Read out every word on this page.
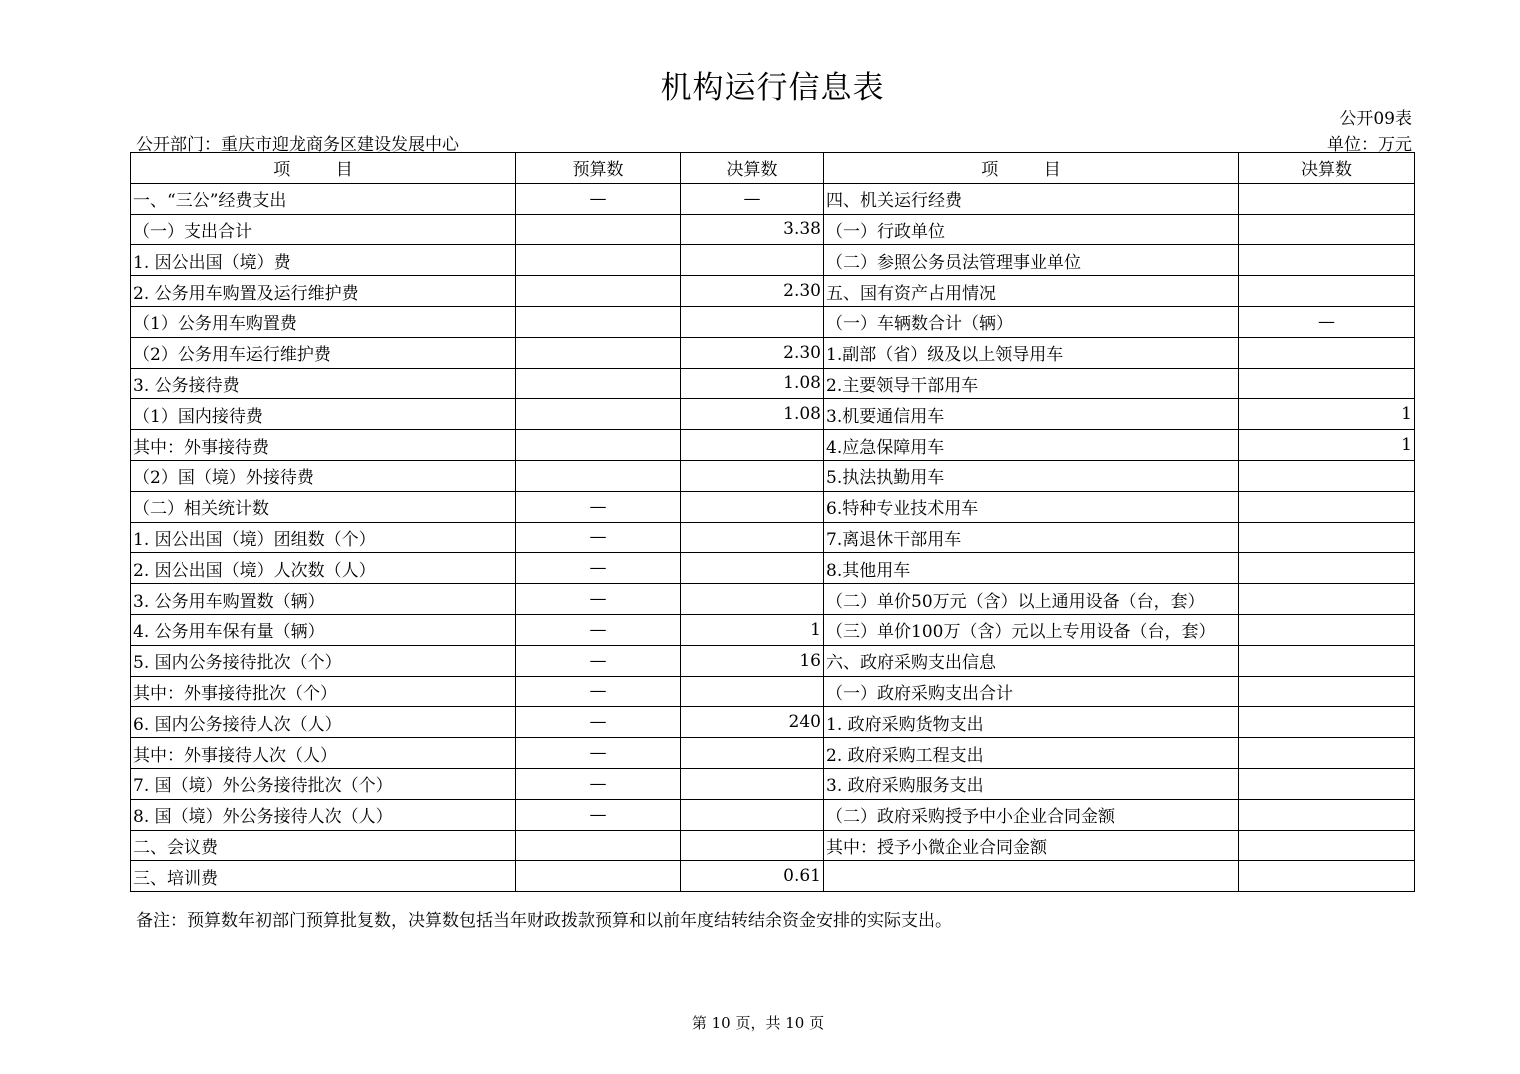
机构运行信息表
公开09表
公开部门：重庆市迎龙商务区建设发展中心	单位：万元
项 目	预算数	决算数	项 目	决算数
一、“三公”经费支出	—	—	四、机关运行经费	
（一）支出合计		3.38	（一）行政单位	
1. 因公出国（境）费			（二）参照公务员法管理事业单位	
2. 公务用车购置及运行维护费		2.30	五、国有资产占用情况	
（1）公务用车购置费			（一）车辆数合计（辆）	—
（2）公务用车运行维护费		2.30	1.副部（省）级及以上领导用车	
3. 公务接待费		1.08	2.主要领导干部用车	
（1）国内接待费		1.08	3.机要通信用车	1
其中：外事接待费			4.应急保障用车	1
（2）国（境）外接待费			5.执法执勤用车	
（二）相关统计数	—		6.特种专业技术用车	
1. 因公出国（境）团组数（个）	—		7.离退休干部用车	
2. 因公出国（境）人次数（人）	—		8.其他用车	
3. 公务用车购置数（辆）	—		（二）单价50万元（含）以上通用设备（台，套）	
4. 公务用车保有量（辆）	—	1	（三）单价100万（含）元以上专用设备（台，套）	
5. 国内公务接待批次（个）	—	16	六、政府采购支出信息	
其中：外事接待批次（个）	—		（一）政府采购支出合计	
6. 国内公务接待人次（人）	—	240	1. 政府采购货物支出	
其中：外事接待人次（人）	—		2. 政府采购工程支出	
7. 国（境）外公务接待批次（个）	—		3. 政府采购服务支出	
8. 国（境）外公务接待人次（人）	—		（二）政府采购授予中小企业合同金额	
二、会议费			其中：授予小微企业合同金额	
三、培训费		0.61		
备注：预算数年初部门预算批复数，决算数包括当年财政拨款预算和以前年度结转结余资金安排的实际支出。
第 10 页，共 10 页
